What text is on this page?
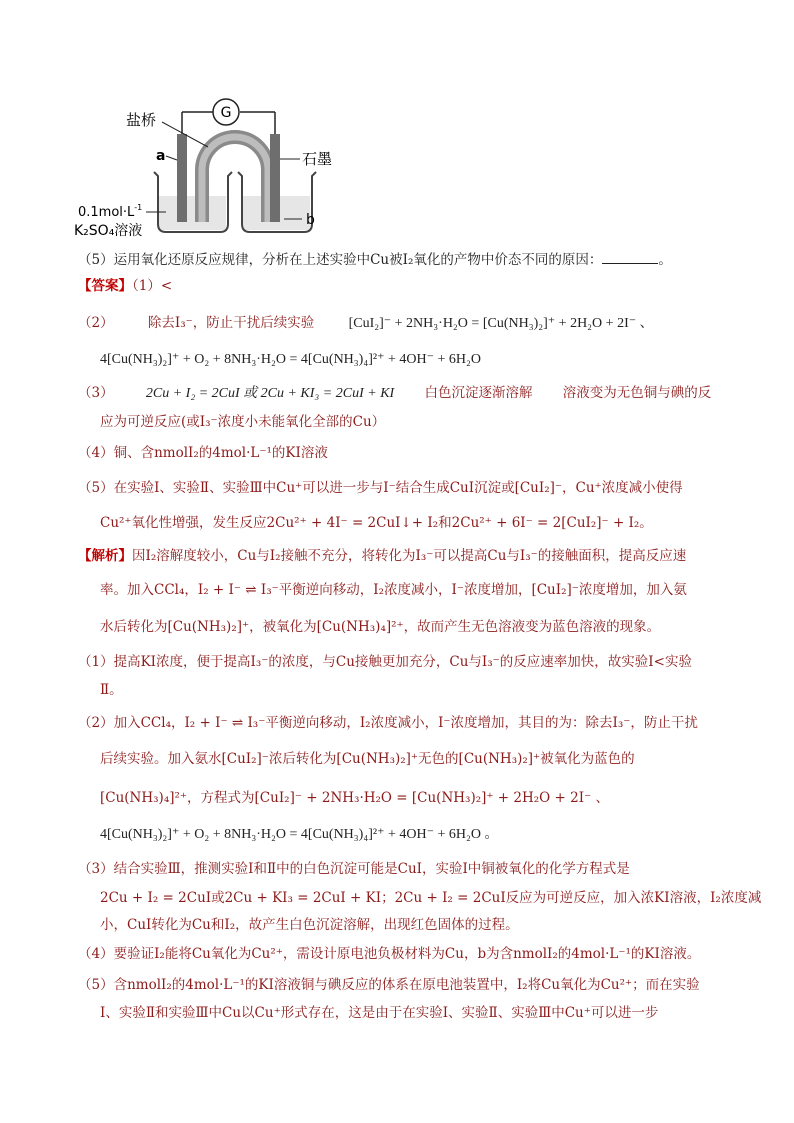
G
盐桥
a	石墨
b
$0.1mol\cdot L^{-1}$
K₂SO₄溶液
（5）运用氧化还原反应规律，分析在上述实验中Cu被I₂氧化的产物中价态不同的原因：	。
【答案】（1）<
（2）	除去I₃⁻，防止干扰后续实验 [CuI₂]⁻ + 2NH₃·H₂O = [Cu(NH₃)₂]⁺ + 2H₂O + 2I⁻ 、
4[Cu(NH₃)₂]⁺ + O₂ + 8NH₃·H₂O = 4[Cu(NH₃)₄]²⁺ + 4OH⁻ + 6H₂O
（3） 2Cu + I₂ = 2CuI 或 2Cu + KI₃ = 2CuI + KI 白色沉淀逐渐溶解 溶液变为无色铜与碘的反
应为可逆反应(或I₃⁻浓度小未能氧化全部的Cu）
（4）铜、含nmolI₂的4mol·L⁻¹的KI溶液
（5）在实验Ⅰ、实验Ⅱ、实验Ⅲ中Cu⁺可以进一步与I⁻结合生成CuI沉淀或[CuI₂]⁻，Cu⁺浓度减小使得
Cu²⁺氧化性增强，发生反应2Cu²⁺ + 4I⁻ = 2CuI↓+ I₂和2Cu²⁺ + 6I⁻ = 2[CuI₂]⁻ + I₂。
【解析】因I₂溶解度较小，Cu与I₂接触不充分，将转化为I₃⁻可以提高Cu与I₃⁻的接触面积，提高反应速
率。加入CCl₄，I₂ + I⁻ ⇌ I₃⁻平衡逆向移动，I₂浓度减小，I⁻浓度增加，[CuI₂]⁻浓度增加，加入氨
水后转化为[Cu(NH₃)₂]⁺，被氧化为[Cu(NH₃)₄]²⁺，故而产生无色溶液变为蓝色溶液的现象。
（1）提高KI浓度，便于提高I₃⁻的浓度，与Cu接触更加充分，Cu与I₃⁻的反应速率加快，故实验Ⅰ<实验
Ⅱ。
（2）加入CCl₄，I₂ + I⁻ ⇌ I₃⁻平衡逆向移动，I₂浓度减小，I⁻浓度增加，其目的为：除去I₃⁻，防止干扰
后续实验。加入氨水[CuI₂]⁻浓后转化为[Cu(NH₃)₂]⁺无色的[Cu(NH₃)₂]⁺被氧化为蓝色的
[Cu(NH₃)₄]²⁺，方程式为[CuI₂]⁻ + 2NH₃·H₂O = [Cu(NH₃)₂]⁺ + 2H₂O + 2I⁻ 、
4[Cu(NH₃)₂]⁺ + O₂ + 8NH₃·H₂O = 4[Cu(NH₃)₄]²⁺ + 4OH⁻ + 6H₂O 。
（3）结合实验Ⅲ，推测实验Ⅰ和Ⅱ中的白色沉淀可能是CuI，实验Ⅰ中铜被氧化的化学方程式是
2Cu + I₂ = 2CuI或2Cu + KI₃ = 2CuI + KI；2Cu + I₂ = 2CuI反应为可逆反应，加入浓KI溶液，I₂浓度减
小，CuI转化为Cu和I₂，故产生白色沉淀溶解，出现红色固体的过程。
（4）要验证I₂能将Cu氧化为Cu²⁺，需设计原电池负极材料为Cu，b为含nmolI₂的4mol·L⁻¹的KI溶液。
（5）含nmolI₂的4mol·L⁻¹的KI溶液铜与碘反应的体系在原电池装置中，I₂将Cu氧化为Cu²⁺；而在实验
Ⅰ、实验Ⅱ和实验Ⅲ中Cu以Cu⁺形式存在，这是由于在实验Ⅰ、实验Ⅱ、实验Ⅲ中Cu⁺可以进一步
